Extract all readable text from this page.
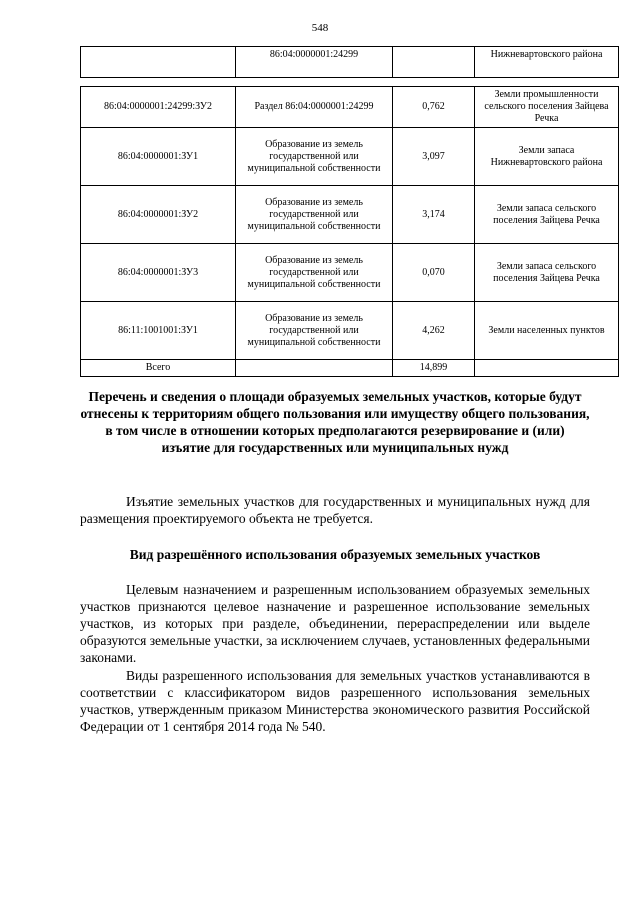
548
	86:04:0000001:24299		Нижневартовского района
86:04:0000001:24299:ЗУ2	Раздел 86:04:0000001:24299	0,762	Земли промышленности сельского поселения Зайцева Речка
86:04:0000001:ЗУ1	Образование из земель государственной или муниципальной собственности	3,097	Земли запаса Нижневартовского района
86:04:0000001:ЗУ2	Образование из земель государственной или муниципальной собственности	3,174	Земли запаса сельского поселения Зайцева Речка
86:04:0000001:ЗУ3	Образование из земель государственной или муниципальной собственности	0,070	Земли запаса сельского поселения Зайцева Речка
86:11:1001001:ЗУ1	Образование из земель государственной или муниципальной собственности	4,262	Земли населенных пунктов
Всего		14,899	
Перечень и сведения о площади образуемых земельных участков, которые будут отнесены к территориям общего пользования или имуществу общего пользования, в том числе в отношении которых предполагаются резервирование и (или) изъятие для государственных или муниципальных нужд

Изъятие земельных участков для государственных и муниципальных нужд для размещения проектируемого объекта не требуется.

Вид разрешённого использования образуемых земельных участков

Целевым назначением и разрешенным использованием образуемых земельных участков признаются целевое назначение и разрешенное использование земельных участков, из которых при разделе, объединении, перераспределении или выделе образуются земельные участки, за исключением случаев, установленных федеральными законами.

Виды разрешенного использования для земельных участков устанавливаются в соответствии с классификатором видов разрешенного использования земельных участков, утвержденным приказом Министерства экономического развития Российской Федерации от 1 сентября 2014 года № 540.
